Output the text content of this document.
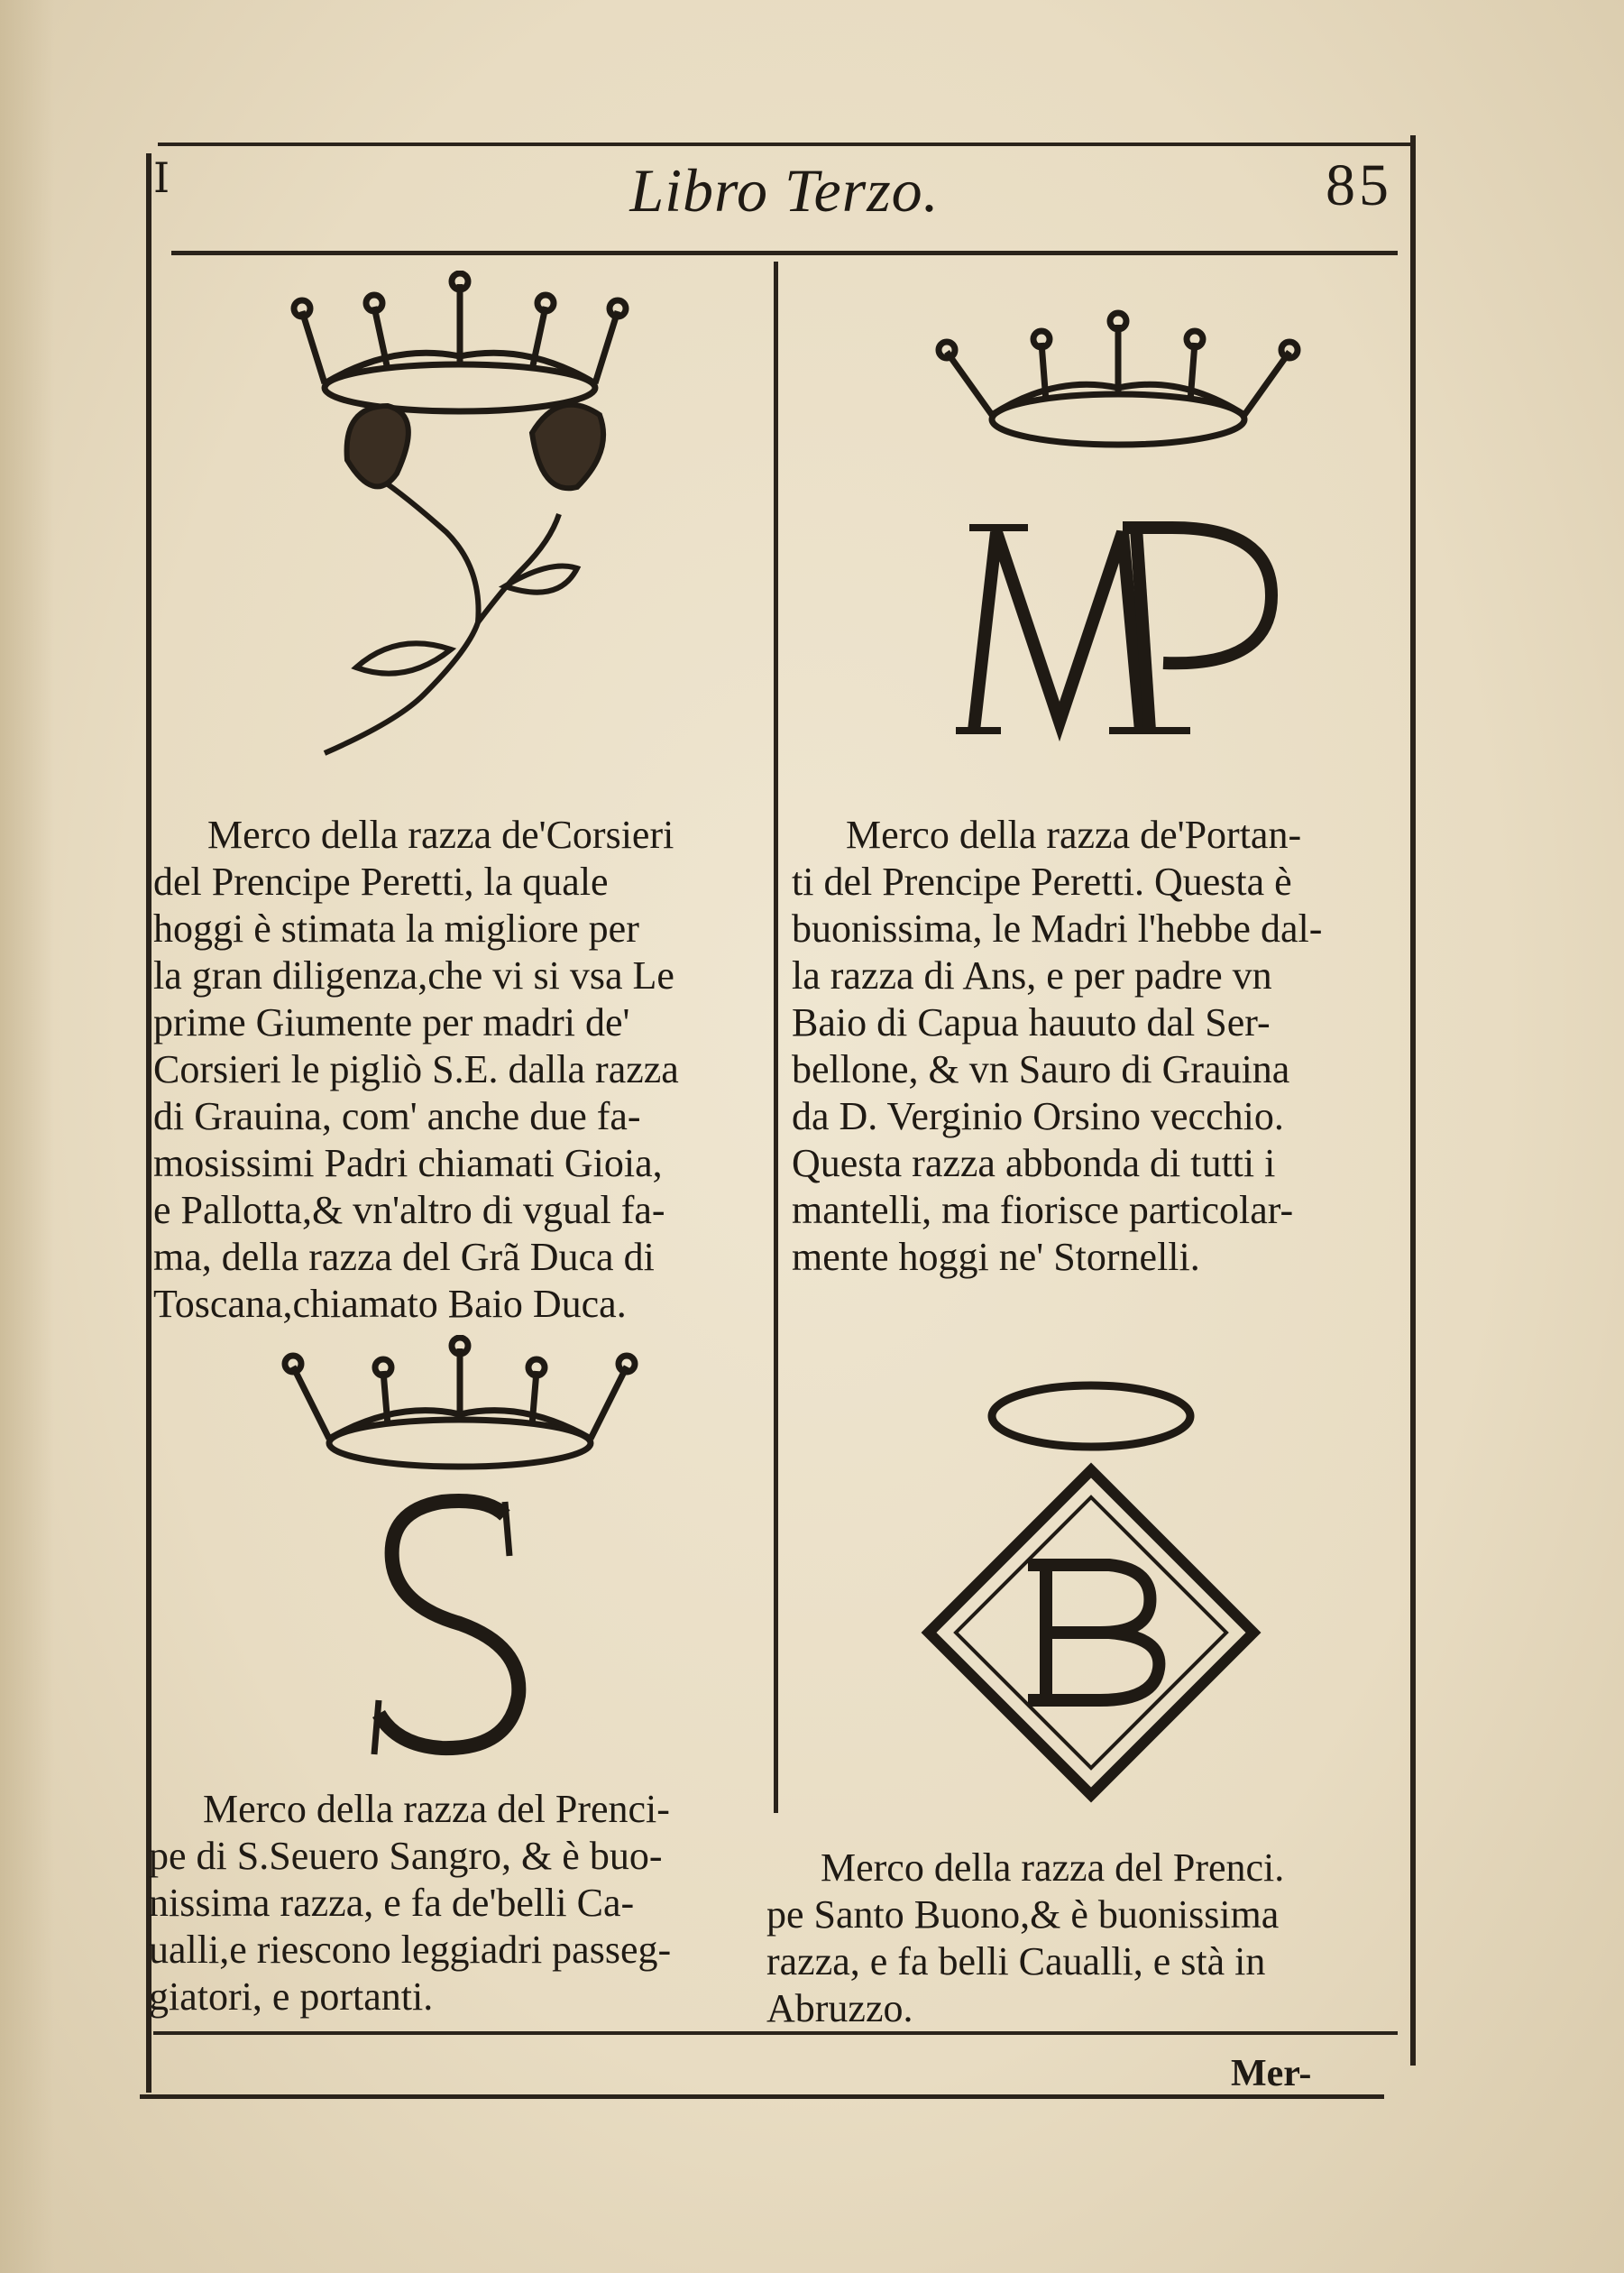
I	Libro Terzo.	85
Merco della razza de'Corsieri
del Prencipe Peretti, la quale
hoggi è stimata la migliore per
la gran diligenza,che vi si vsa Le
prime Giumente per madri de'
Corsieri le pigliò S.E. dalla razza
di Grauina, com' anche due fa-
mosissimi Padri chiamati Gioia,
e Pallotta,& vn'altro di vgual fa-
ma, della razza del Grã Duca di
Toscana,chiamato Baio Duca.
Merco della razza de'Portan-
ti del Prencipe Peretti. Questa è
buonissima, le Madri l'hebbe dal-
la razza di Ans, e per padre vn
Baio di Capua hauuto dal Ser-
bellone, & vn Sauro di Grauina
da D. Verginio Orsino vecchio.
Questa razza abbonda di tutti i
mantelli, ma fiorisce particolar-
mente hoggi ne' Stornelli.
Merco della razza del Prenci-
pe di S.Seuero Sangro, & è buo-
nissima razza, e fa de'belli Ca-
ualli,e riescono leggiadri passeg-
giatori, e portanti.
Merco della razza del Prenci.
pe Santo Buono,& è buonissima
razza, e fa belli Caualli, e stà in
Abruzzo.
Mer-
